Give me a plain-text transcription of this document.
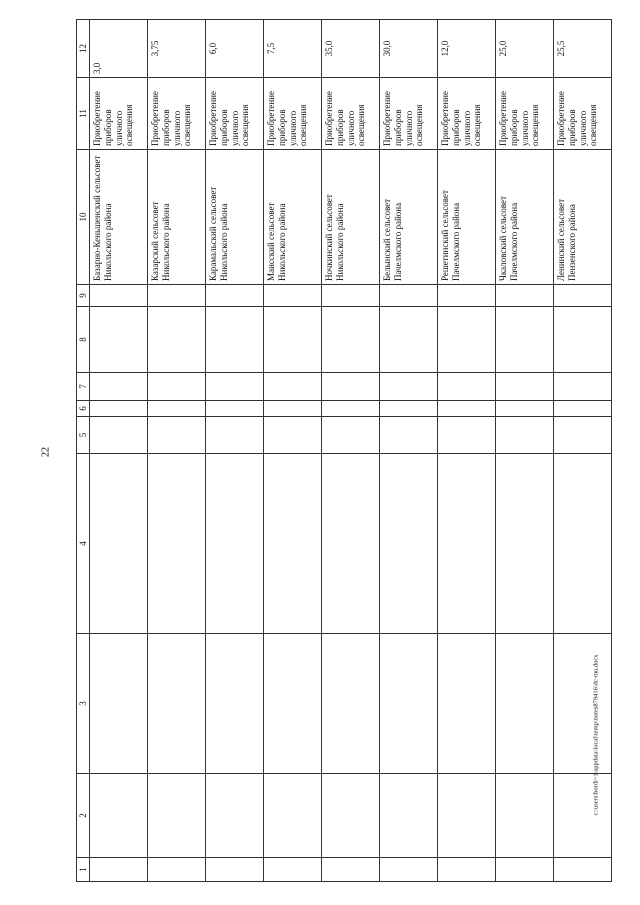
22
1	2	3	4	5	6	7	8	9	10	11	12
									Базарно-Кеньшенский сельсовет Никольского района	Приобретение приборов уличного освещения	3,0
									Казарский сельсовет Никольского района	Приобретение приборов уличного освещения	3,75
									Карамальский сельсовет Никольского района	Приобретение приборов уличного освещения	6,0
									Маисский сельсовет Никольского района	Приобретение приборов уличного освещения	7,5
									Ночкинский сельсовет Никольского района	Приобретение приборов уличного освещения	35,0
									Белынский сельсовет Пачелмского района	Приобретение приборов уличного освещения	30,0
									Решетинский сельсовет Пачелмского района	Приобретение приборов уличного освещения	12,0
									Чкаловский сельсовет Пачелмского района	Приобретение приборов уличного освещения	25,0
									Ленинский сельсовет Пензенского района	Приобретение приборов уличного освещения	25,5
c:\users\bordi~1\appdata\local\temp\notes879416\dc-mu.docx
